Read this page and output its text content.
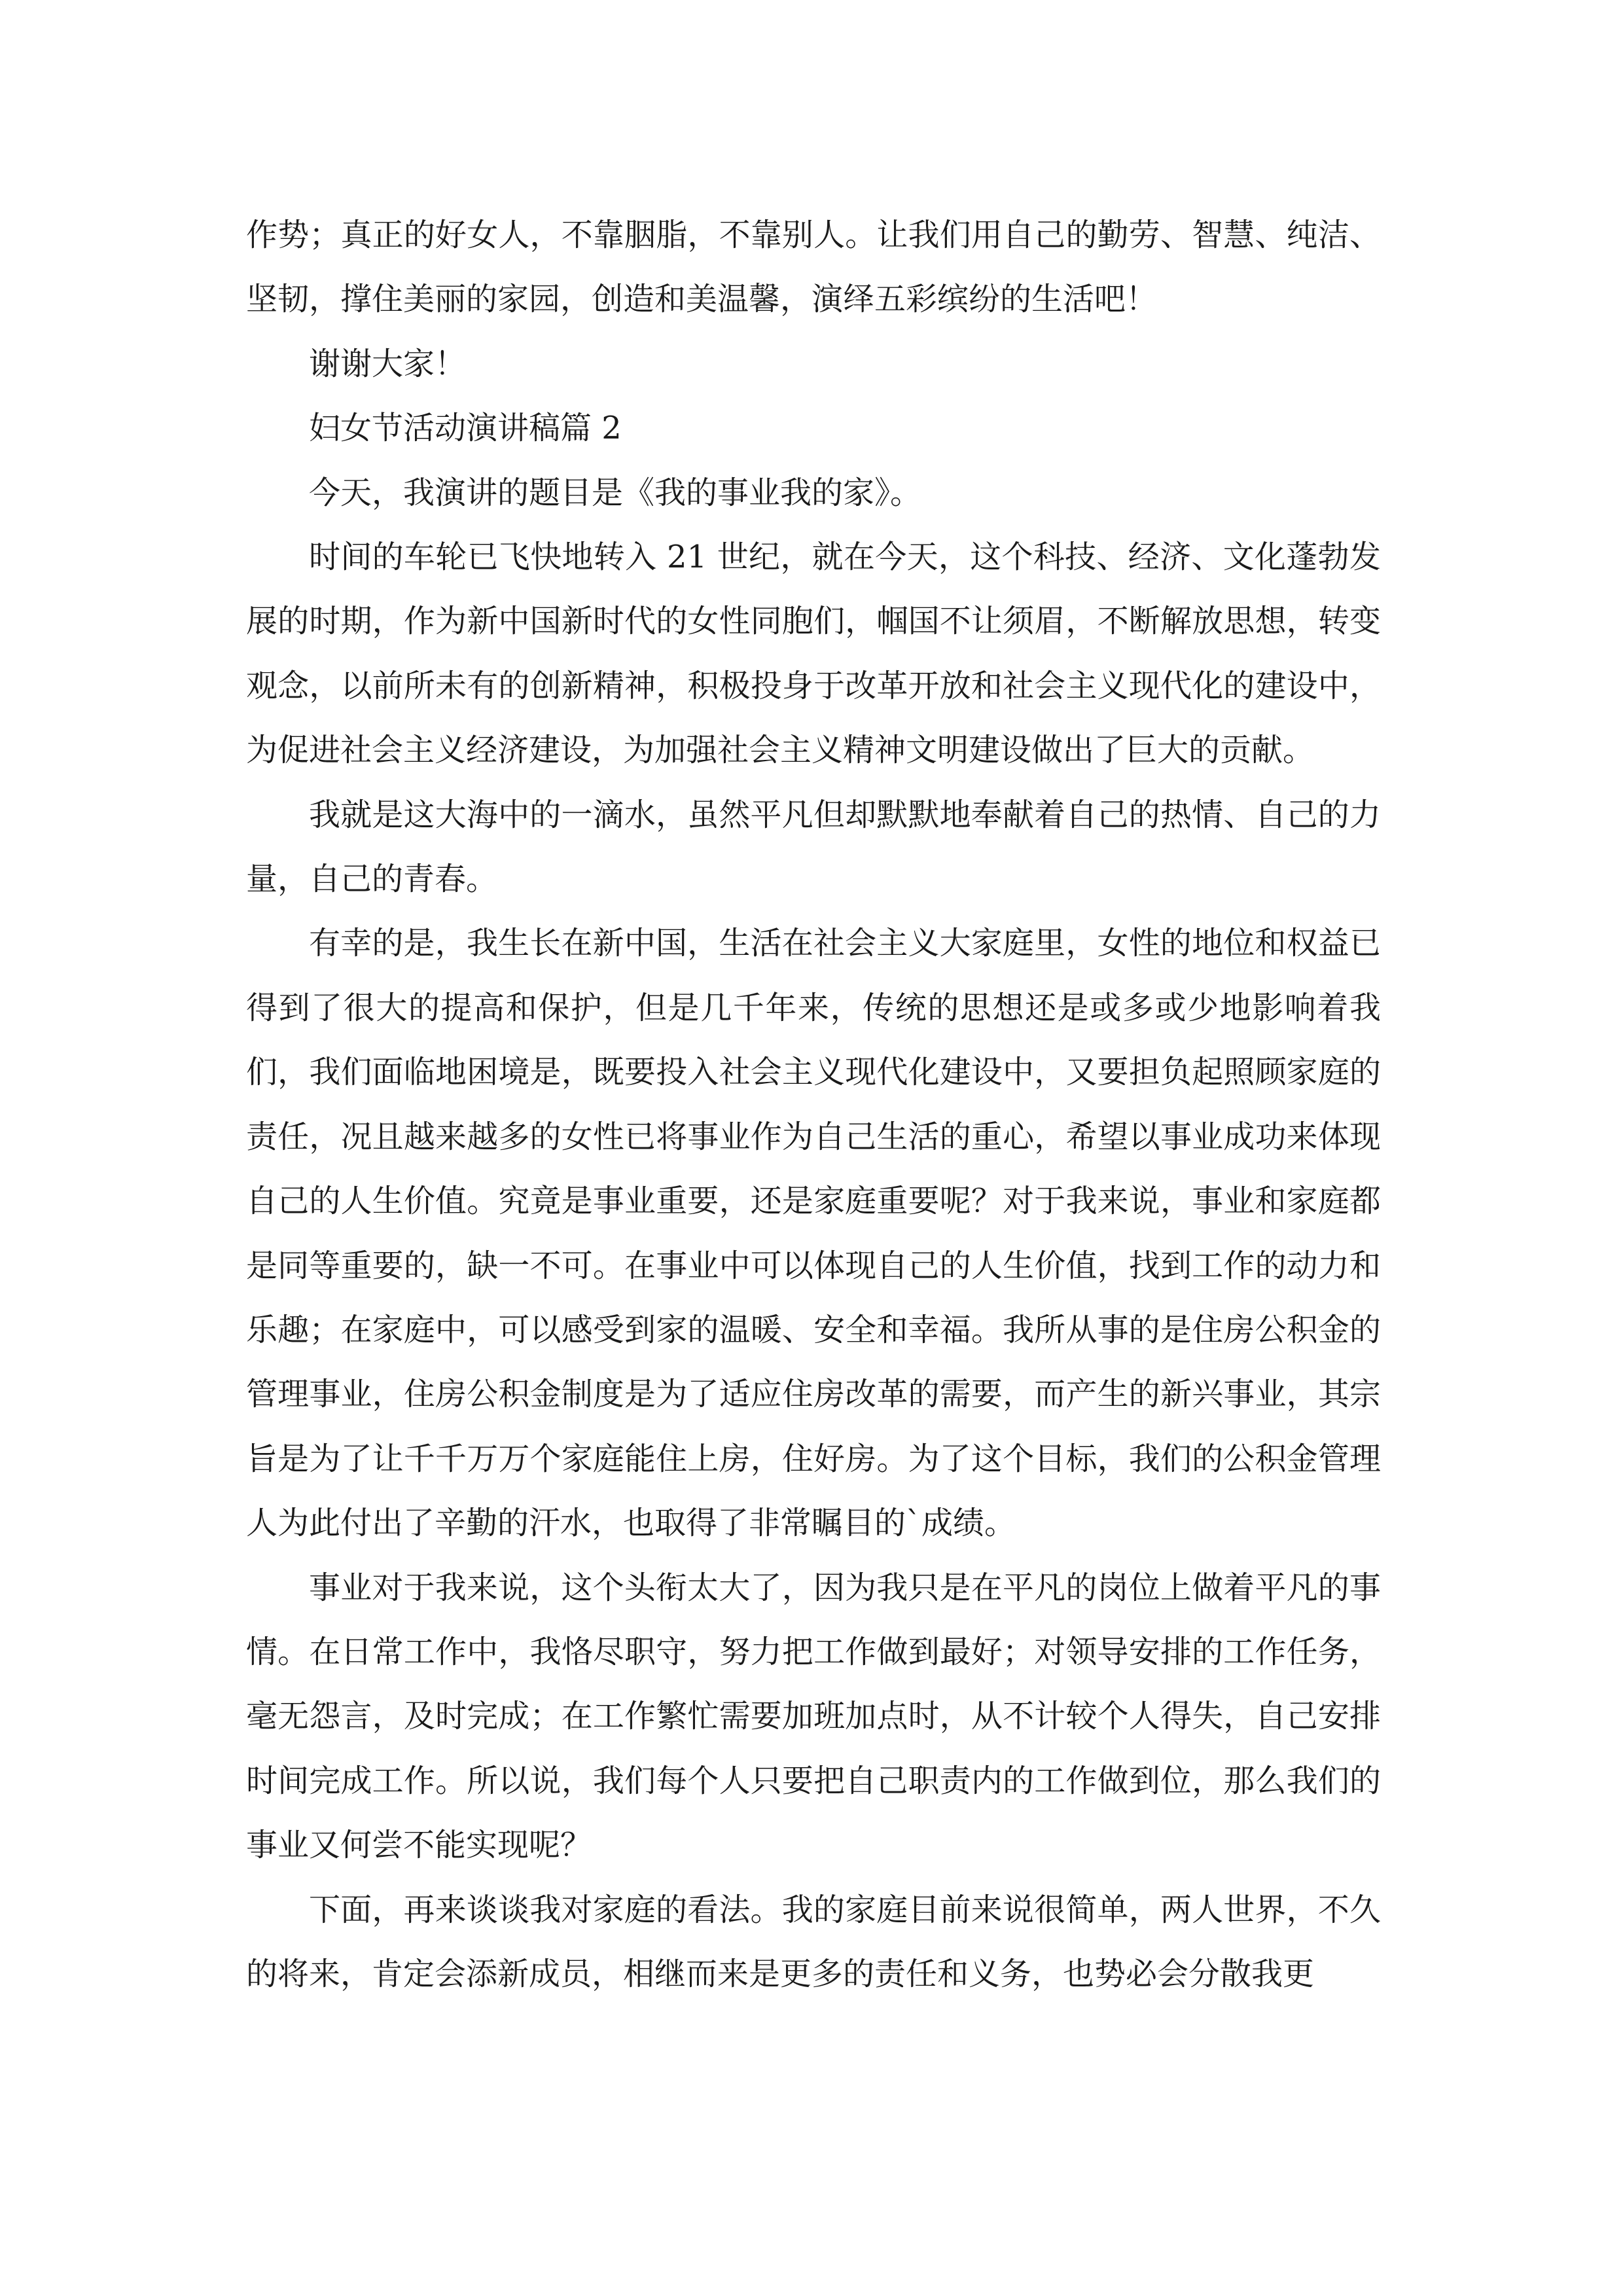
作势；真正的好女人，不靠胭脂，不靠别人。让我们用自己的勤劳、智慧、纯洁、坚韧，撑住美丽的家园，创造和美温馨，演绎五彩缤纷的生活吧！

谢谢大家！

妇女节活动演讲稿篇 2

今天，我演讲的题目是《我的事业我的家》。

时间的车轮已飞快地转入 21 世纪，就在今天，这个科技、经济、文化蓬勃发展的时期，作为新中国新时代的女性同胞们，帼国不让须眉，不断解放思想，转变观念，以前所未有的创新精神，积极投身于改革开放和社会主义现代化的建设中，为促进社会主义经济建设，为加强社会主义精神文明建设做出了巨大的贡献。

我就是这大海中的一滴水，虽然平凡但却默默地奉献着自己的热情、自己的力量，自己的青春。

有幸的是，我生长在新中国，生活在社会主义大家庭里，女性的地位和权益已得到了很大的提高和保护，但是几千年来，传统的思想还是或多或少地影响着我们，我们面临地困境是，既要投入社会主义现代化建设中，又要担负起照顾家庭的责任，况且越来越多的女性已将事业作为自己生活的重心，希望以事业成功来体现自己的人生价值。究竟是事业重要，还是家庭重要呢？对于我来说，事业和家庭都是同等重要的，缺一不可。在事业中可以体现自己的人生价值，找到工作的动力和乐趣；在家庭中，可以感受到家的温暖、安全和幸福。我所从事的是住房公积金的管理事业，住房公积金制度是为了适应住房改革的需要，而产生的新兴事业，其宗旨是为了让千千万万个家庭能住上房，住好房。为了这个目标，我们的公积金管理人为此付出了辛勤的汗水，也取得了非常瞩目的`成绩。

事业对于我来说，这个头衔太大了，因为我只是在平凡的岗位上做着平凡的事情。在日常工作中，我恪尽职守，努力把工作做到最好；对领导安排的工作任务，毫无怨言，及时完成；在工作繁忙需要加班加点时，从不计较个人得失，自己安排时间完成工作。所以说，我们每个人只要把自己职责内的工作做到位，那么我们的事业又何尝不能实现呢？

下面，再来谈谈我对家庭的看法。我的家庭目前来说很简单，两人世界，不久的将来，肯定会添新成员，相继而来是更多的责任和义务，也势必会分散我更
